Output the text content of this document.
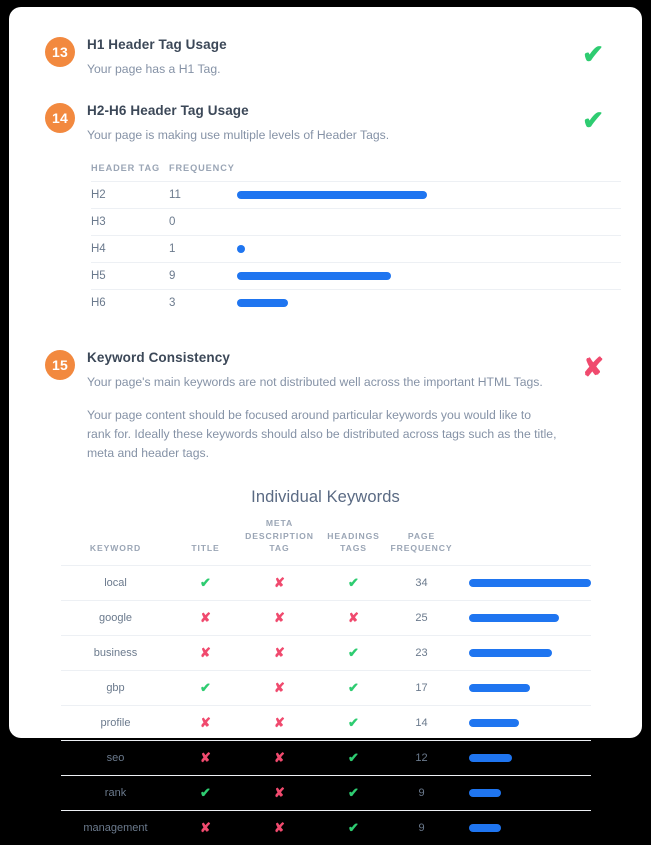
13	H1 Header Tag Usage
Your page has a H1 Tag.	✔
14	H2-H6 Header Tag Usage
Your page is making use multiple levels of Header Tags.	✔
HEADER TAG	FREQUENCY	
H2	11	

H3	0	
H4	1	

H5	9	

H6	3	
15	Keyword Consistency
Your page's main keywords are not distributed well across the important HTML Tags.
Your page content should be focused around particular keywords you would like to rank for. Ideally these keywords should also be distributed across tags such as the title, meta and header tags.
✘
Individual Keywords
KEYWORD	TITLE	META DESCRIPTION TAG	HEADINGS TAGS	PAGE FREQUENCY	
local	✔	✘	✔	34	

google	✘	✘	✘	25	

business	✘	✘	✔	23	

gbp	✔	✘	✔	17	

profile	✘	✘	✔	14	

seo	✘	✘	✔	12	

rank	✔	✘	✔	9	

management	✘	✘	✔	9	
